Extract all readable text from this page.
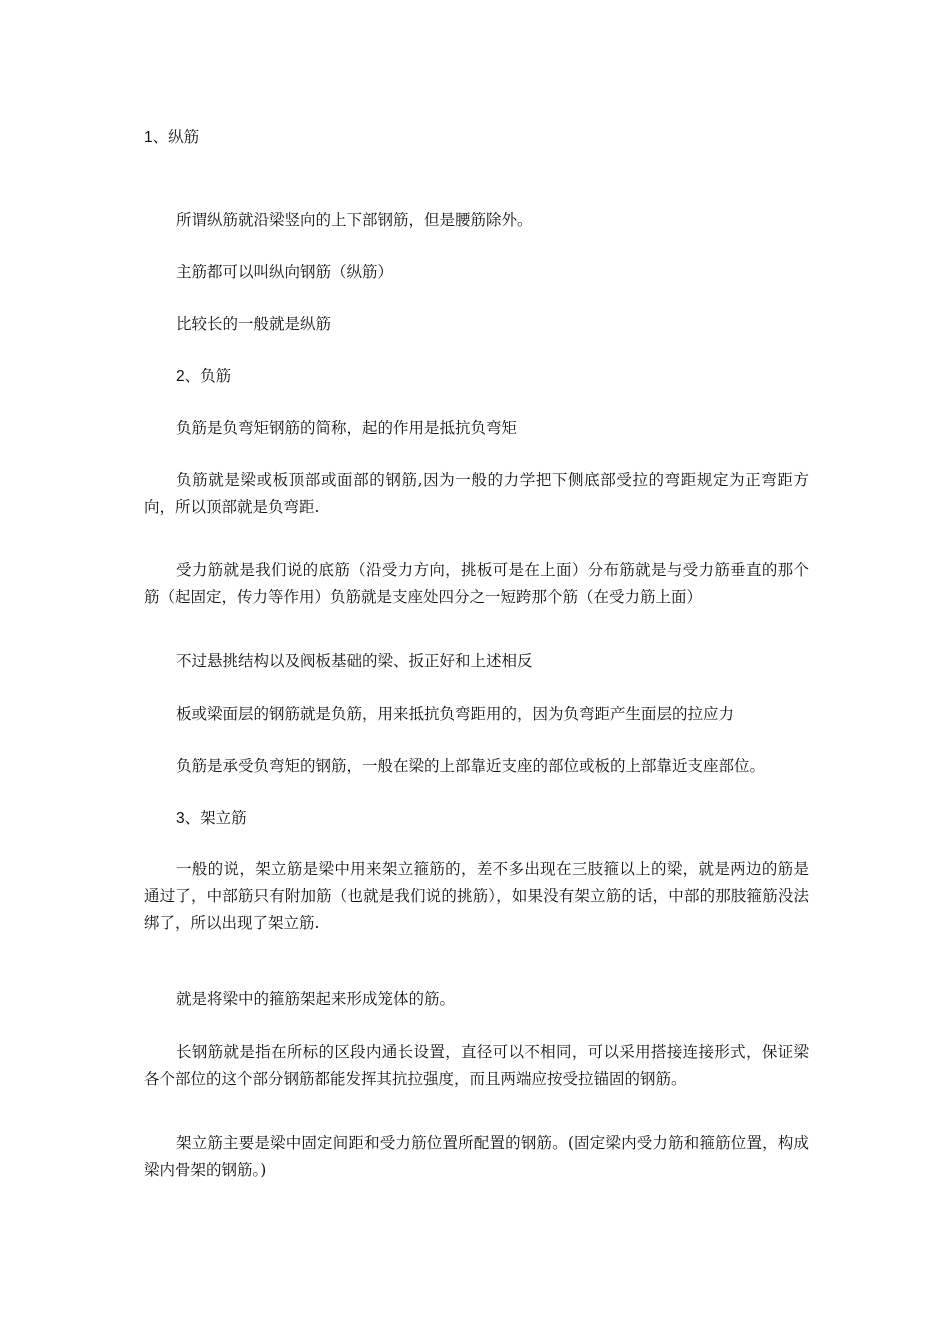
1、纵筋

所谓纵筋就沿梁竖向的上下部钢筋，但是腰筋除外。

主筋都可以叫纵向钢筋（纵筋）

比较长的一般就是纵筋

2、负筋

负筋是负弯矩钢筋的简称，起的作用是抵抗负弯矩

负筋就是梁或板顶部或面部的钢筋,因为一般的力学把下侧底部受拉的弯距规定为正弯距方向，所以顶部就是负弯距.

受力筋就是我们说的底筋（沿受力方向，挑板可是在上面）分布筋就是与受力筋垂直的那个筋（起固定，传力等作用）负筋就是支座处四分之一短跨那个筋（在受力筋上面）

不过悬挑结构以及阀板基础的梁、扳正好和上述相反

板或梁面层的钢筋就是负筋，用来抵抗负弯距用的，因为负弯距产生面层的拉应力

负筋是承受负弯矩的钢筋，一般在梁的上部靠近支座的部位或板的上部靠近支座部位。

3、架立筋

一般的说，架立筋是梁中用来架立箍筋的，差不多出现在三肢箍以上的梁，就是两边的筋是通过了，中部筋只有附加筋（也就是我们说的挑筋），如果没有架立筋的话，中部的那肢箍筋没法绑了，所以出现了架立筋.

就是将梁中的箍筋架起来形成笼体的筋。

长钢筋就是指在所标的区段内通长设置，直径可以不相同，可以采用搭接连接形式，保证梁各个部位的这个部分钢筋都能发挥其抗拉强度，而且两端应按受拉锚固的钢筋。

架立筋主要是梁中固定间距和受力筋位置所配置的钢筋。(固定梁内受力筋和箍筋位置，构成梁内骨架的钢筋。)
